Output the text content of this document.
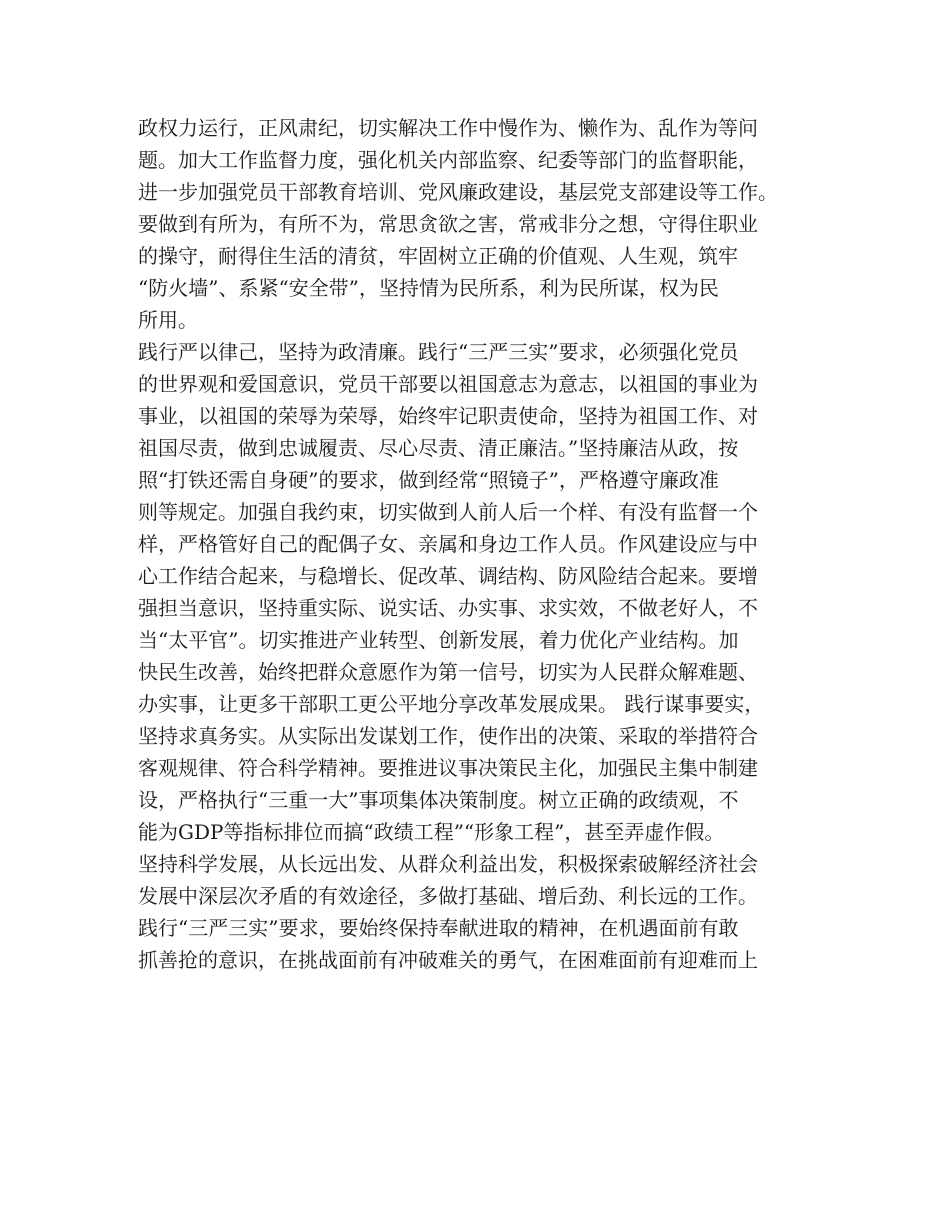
政权力运行，正风肃纪，切实解决工作中慢作为、懒作为、乱作为等问
题。加大工作监督力度，强化机关内部监察、纪委等部门的监督职能，
进一步加强党员干部教育培训、党风廉政建设，基层党支部建设等工作。
要做到有所为，有所不为，常思贪欲之害，常戒非分之想，守得住职业
的操守，耐得住生活的清贫，牢固树立正确的价值观、人生观，筑牢
“防火墙”、系紧“安全带”，坚持情为民所系，利为民所谋，权为民
所用。
践行严以律己，坚持为政清廉。践行“三严三实”要求，必须强化党员
的世界观和爱国意识，党员干部要以祖国意志为意志，以祖国的事业为
事业，以祖国的荣辱为荣辱，始终牢记职责使命，坚持为祖国工作、对
祖国尽责，做到忠诚履责、尽心尽责、清正廉洁。”坚持廉洁从政，按
照“打铁还需自身硬”的要求，做到经常“照镜子”，严格遵守廉政准
则等规定。加强自我约束，切实做到人前人后一个样、有没有监督一个
样，严格管好自己的配偶子女、亲属和身边工作人员。作风建设应与中
心工作结合起来，与稳增长、促改革、调结构、防风险结合起来。要增
强担当意识，坚持重实际、说实话、办实事、求实效，不做老好人，不
当“太平官”。切实推进产业转型、创新发展，着力优化产业结构。加
快民生改善，始终把群众意愿作为第一信号，切实为人民群众解难题、
办实事，让更多干部职工更公平地分享改革发展成果。 践行谋事要实，
坚持求真务实。从实际出发谋划工作，使作出的决策、采取的举措符合
客观规律、符合科学精神。要推进议事决策民主化，加强民主集中制建
设，严格执行“三重一大”事项集体决策制度。树立正确的政绩观，不
能为GDP等指标排位而搞“政绩工程”“形象工程”，甚至弄虚作假。
坚持科学发展，从长远出发、从群众利益出发，积极探索破解经济社会
发展中深层次矛盾的有效途径，多做打基础、增后劲、利长远的工作。
践行“三严三实”要求，要始终保持奉献进取的精神，在机遇面前有敢
抓善抢的意识，在挑战面前有冲破难关的勇气，在困难面前有迎难而上
